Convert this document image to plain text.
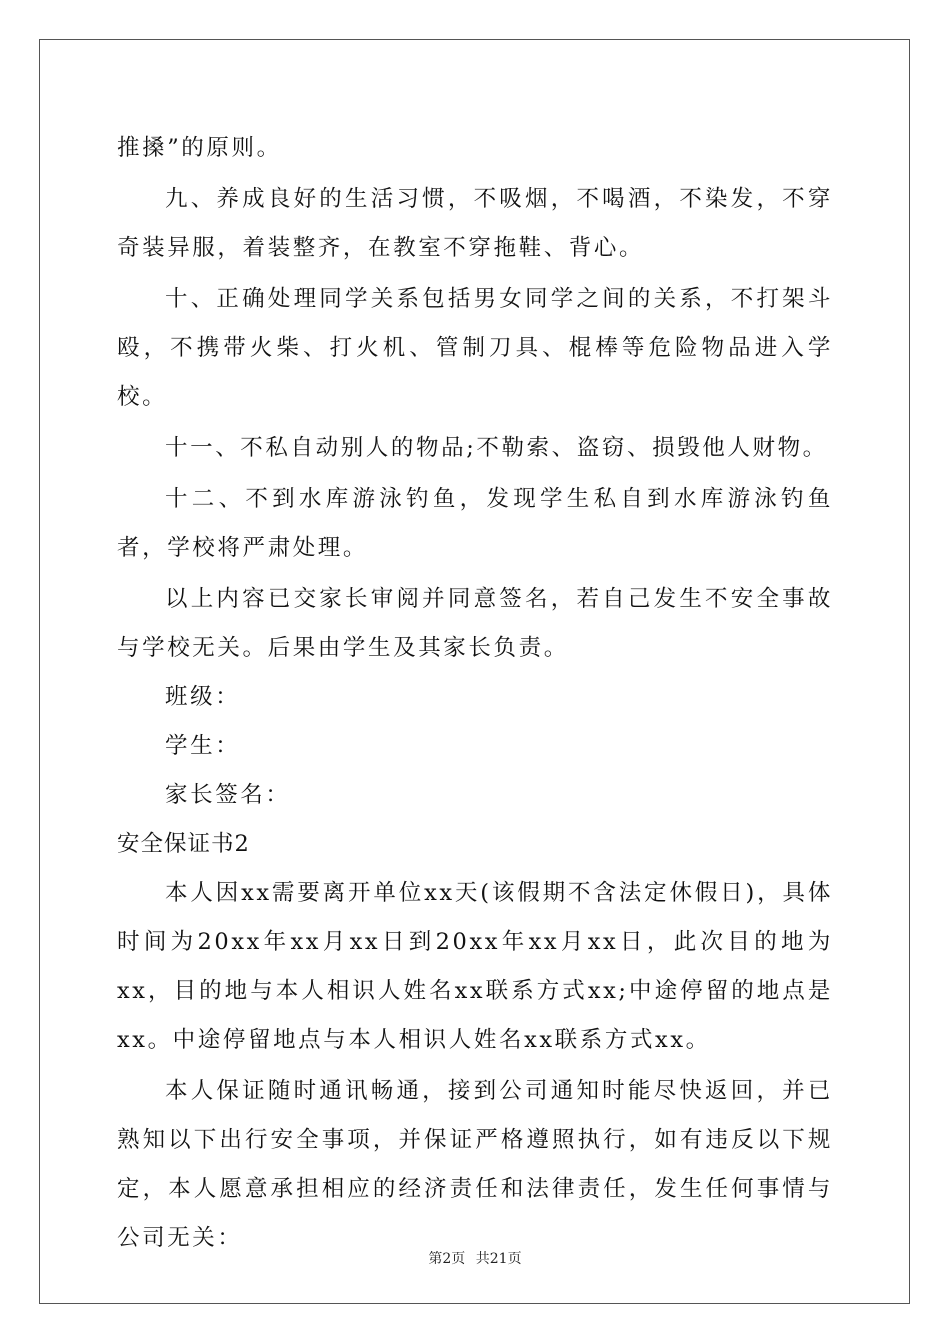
推搡”的原则。

九、养成良好的生活习惯，不吸烟，不喝酒，不染发，不穿奇装异服，着装整齐，在教室不穿拖鞋、背心。

十、正确处理同学关系包括男女同学之间的关系，不打架斗殴，不携带火柴、打火机、管制刀具、棍棒等危险物品进入学校。

十一、不私自动别人的物品;不勒索、盗窃、损毁他人财物。

十二、不到水库游泳钓鱼，发现学生私自到水库游泳钓鱼者，学校将严肃处理。

以上内容已交家长审阅并同意签名，若自己发生不安全事故与学校无关。后果由学生及其家长负责。

班级：

学生：

家长签名：

安全保证书2

本人因xx需要离开单位xx天(该假期不含法定休假日)，具体时间为20xx年xx月xx日到20xx年xx月xx日，此次目的地为xx，目的地与本人相识人姓名xx联系方式xx;中途停留的地点是xx。中途停留地点与本人相识人姓名xx联系方式xx。

本人保证随时通讯畅通，接到公司通知时能尽快返回，并已熟知以下出行安全事项，并保证严格遵照执行，如有违反以下规定，本人愿意承担相应的经济责任和法律责任，发生任何事情与公司无关：

第2页 共21页
